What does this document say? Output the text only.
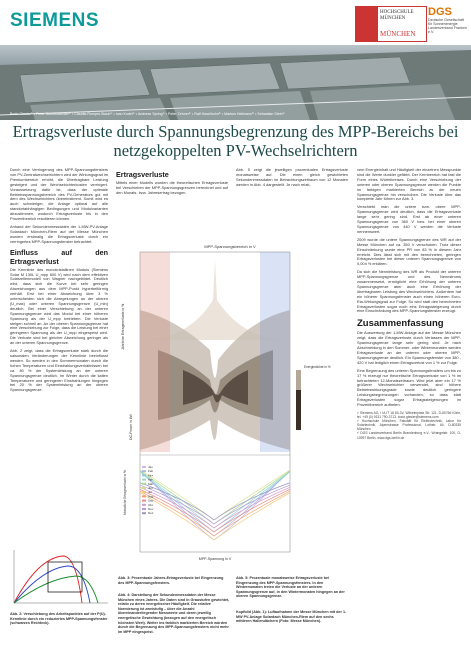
SIEMENS	HOCHSCHULE MÜNCHEN
MÜNCHEN
DGS
Deutsche Gesellschaft für Sonnenenergie Landesverband Franken e.V.
Bodo Giesler¹⁾ • Peter Sonnendecker¹⁾ • Claudia Rompel-Staub¹⁾ • Ivan Kodel¹⁾ • Andreas Spring¹⁾ • Peter Zehner¹⁾ • Ralf Haselhuhn³⁾ • Markus Heilmann³⁾ • Sebastian Stein¹⁾
Ertragsverluste durch Spannungsbegrenzung des MPP-Bereichs bei netzgekoppelten PV-Wechselrichtern

Durch eine Verringerung des MPP-Spannungsfensters von PV-Zentralwechselrichtern wird der Wirkungsgrad im Premiumbereich erhöht, die Übertragbare Leistung gesteigert und der Wechselrichterkosten verringert. Voraussetzung dafür ist, dass der optimale Betriebsspannungsbereich des PV-Generators gut mit dem des Wechselrichters übereinstimmt. Somit wird es auch schwieriger, die Anlage optimal auf alle standortabhängigen Bedingungen und Modulvarianten abzustimmen, wodurch Ertragsverluste bis in den Prozentbereich resultieren können.

Anhand der Sekundenmessdaten der 1-MW-PV-Anlage Solardach München-Riem auf der Messe München wurden erstmalig die Ertragsverluste durch ein verringertes MPP-Spannungsfenster betrachtet.

Einfluss auf den Ertragsverlust

Die Kennlinie des monokristallinen Moduls (Siemens Solar M 130L U_mpp 600 V) wird nach dem effektiven Solarzellenmodell von Wagner nachgebildet. Deutlich wird, dass sich die Kurve bei sehr geringen Abweichungen aus dem MPP-Punkt hyperbelförmig verhält. Erst bei einer Abweichung über 3 % unterscheiden sich die Abregelungen an der oberen (U_max) oder unteren Spannungsgrenze (U_min) deutlich. Bei einer Verschiebung an der unteren Spannungsgrenze wird das Modul bei einer höheren Spannung als der U_mpp betrieben. Die Verluste steigen schnell an. An der oberen Spannungsgrenze hat eine Verschiebung zur Folge, dass die Leistung bei einer geringeren Spannung als der U_mpp eingespeist wird. Die Verluste sind bei gleicher Abweichung geringer als an der unteren Spannungsgrenze.

Abb. 2 zeigt, dass die Ertragsverluste stark durch die saisonalen Veränderungen der Kennlinie beeinflusst werden. So werden in den Sommermonaten durch die hohen Temperaturen und Einstrahlungsverhältnissen bei ca. 80 % der Systemleistung an der unteren Spannungsgrenze deutlich. Im Winter durch die kalten Temperaturen und geringeren Einstrahlungen hingegen bei 20 % der Systemleistung an der oberen Spannungsgrenze.

Abb. 2: Verschiebung des Arbeitspunktes auf der P(U)-Kennlinie durch ein reduziertes MPP-Spannungsfenster (schwarzes Rechteck).
Ertragsverluste

Mittels einer Modells wurden die theoretischen Ertragsverluste bei Verschieben der MPP-Spannungsgrenzen berechnet und auf den Monats- bzw. Jahresertrag bezogen.

Abb. 5 zeigt die jeweiligen prozentualen Ertragsverluste monatsweise auf. Die einen gleich gewichteten Sekundenmessdaten im Betrachtungszeitraum von 12 Monaten werden in Abb. 4 dargestellt. Je nach relati-

MPP-Spannungsbereich in V
Energiedichte in %
Jährliche Ertragsverluste in %
DC-Power in kW
Monatliche Ertragsverluste in %
MPP-Spannung in V
Jan
Feb
Mrz
Apr
Mai
Jun
Jul
Aug
Sep
Okt
Nov
Dez
Abb. 3: Prozentuale Jahres-Ertragsverluste bei Eingrenzung des MPP-Spannungsfensters.
Abb. 4: Darstellung der Sekundenmessdaten der Messe München eines Jahres. Die Daten sind in Graustufen gewichtet, relativ zu deren energetischer Häufigkeit. Die relative Normierung ist zweistufig – über die Anzahl übereinanderliegender Messwerte und deren jeweilig energetische Gewichtung (bezogen auf den energetisch höchsten Wert). Weiter ins farblich markierten Bereich würden durch die Begrenzung des MPP-Spannungsfensters nicht mehr im MPP eingespeist.
Abb. 5: Prozentuale monatsweise Ertragsverluste bei Eingrenzung des MPP-Spannungsfensters. In den Wintermonaten treten die Verluste an der unteren Spannungsgrenze auf, in den Wintermonaten hingegen an der oberen Spannungsgrenze.
Kopfbild (Abb. 1): Luftaufnahme der Messe München mit der 1-MW PV-Anlage Solardach München-Riem auf den sechs mittleren Hallendächern (Foto: Messe München).

vem Energieinhalt und Häufigkeit der einzelnen Messpunkte sind die Werte dunkler gefärbt. Der Kernbereich hat fast die Form eines Würfelkreises. Durch eine Verschiebung der unteren oder oberen Spannungsgrenze werden die Punkte im farbigen markierten Bereich zu der neuen Spannungsgrenze hin verschoben. Die Verluste über das komplette Jahr führen zur Abb. 3.

Verschiebt man die untere bzw. obere MPP-Spannungsgrenze wird deutlich, dass die Ertragsverluste lange sehr gering sind. Erst ab einer unteren Spannungsgrenze von 360 V bzw. bei einer oberen Spannungsgrenze von 440 V werden die Verluste nennenswert.

2009 wurde die untere Spannungsgrenze des WR auf der Messe München auf ca. 350 V verschoben. Trotz dieser Einschränkung wurde eine PR von 83 % in diesem Jahr erreicht. Dies lässt sich mit den berechneten, geringen Ertragsverlusten bei dieser unteren Spannungsgrenze von 0,004 % erklären.

Da sich die Nennleistung des WR als Produkt der unteren MPP-Spannungsgrenze und des Nennstroms zusammensetzt, ermöglicht eine Erhöhung der unteren Spannungsgrenze aber auch eine Erhöhung der übertragbaren Leistung des Wechselrichters. Außerdem hat ein höherer Spannungsfenster auch einen höheren Euro-Eta-Wirkungsgrad zur Folge. So wird statt den berechneten Ertragsverlusten sogar noch eins Ertragssteigerung durch eine Einschränkung des MPP-Spannungsfenster erzeugt.

Zusammenfassung

Die Auswertung der 1-MW-Anlage auf der Messe München zeigt, dass die Ertragsverluste durch Verlassen der MPP-Spannungsgrenze lange sehr gering sind. Je nach Abschneidung in den Sommer- oder Wintermonaten werden Ertragsverluste an der unteren oder oberen MPP-Spannungsgrenze deutlich. Ein Spannungsfenster von 380 - 420 V hat lediglich einen Ertragsverlust von 1 % zur Folge.

Eine Begrenzung des unteren Spannungsfensters um bis zu 17 % erzeugt nur theoretische Ertragsverluste von 1 % im betrachteten 12-Monatszeitraum. Wird jetzt aber ein 17 % größerer Wechselrichter verwendet, sind höhere Betriebswirkungsgrade sowie deutlich geringere Leistungsbegrenzungen vorhanden, so dass statt Ertragsverlusten sogar Ertragssteigerungen im Prozentbereich auftreten.

¹⁾ Siemens AG, I IA IT 18 80-3V, Wilhelmplatz Str. 121, D-80766 Körle, tel. +49 (0) 9131 790-3713, bodo.giesler@siemens.com
²⁾ Hochschule München, Fakultät für Elektrotechnik, Labor für Solartechnik, Alpenstrasse Professional, Lothstr. 64, D-80335 München
³⁾ DGS Landesverband Berlin Brandenburg e.V., Wrangelstr. 100, D-10997 Berlin, www.dgs-berlin.de
